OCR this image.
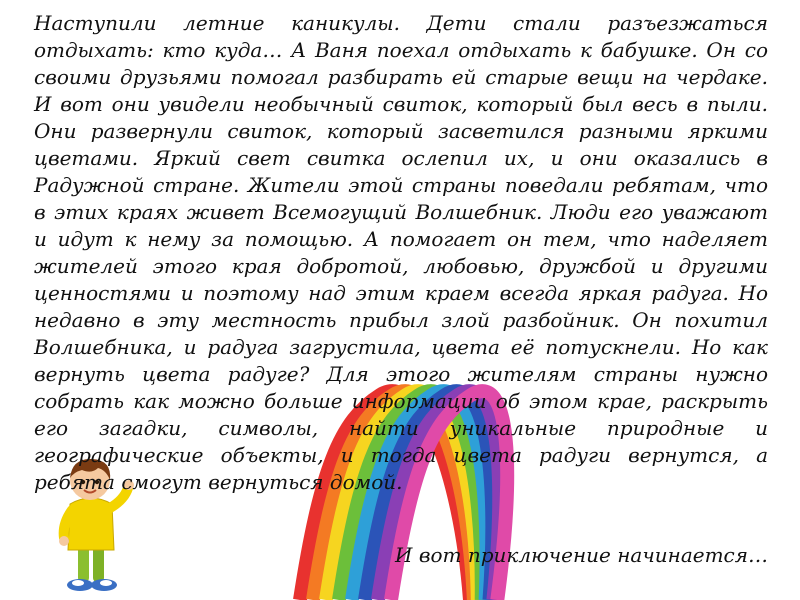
Наступили летние каникулы. Дети стали разъезжаться отдыхать: кто куда… А Ваня поехал отдыхать к бабушке. Он со своими друзьями помогал разбирать ей старые вещи на чердаке. И вот они увидели необычный свиток, который был весь в пыли. Они развернули свиток, который засветился разными яркими цветами. Яркий свет свитка ослепил их, и они оказались в Радужной стране. Жители этой страны поведали ребятам, что в этих краях живет Всемогущий Волшебник. Люди его уважают и идут к нему за помощью. А помогает он тем, что наделяет жителей этого края добротой, любовью, дружбой и другими ценностями и поэтому над этим краем всегда яркая радуга. Но недавно в эту местность прибыл злой разбойник. Он похитил Волшебника, и радуга загрустила, цвета её потускнели. Но как вернуть цвета радуге? Для этого жителям страны нужно собрать как можно больше информации об этом крае, раскрыть его загадки, символы, найти уникальные природные и географические объекты, и тогда цвета радуги вернутся, а ребята смогут вернуться домой.

И вот приключение начинается…
